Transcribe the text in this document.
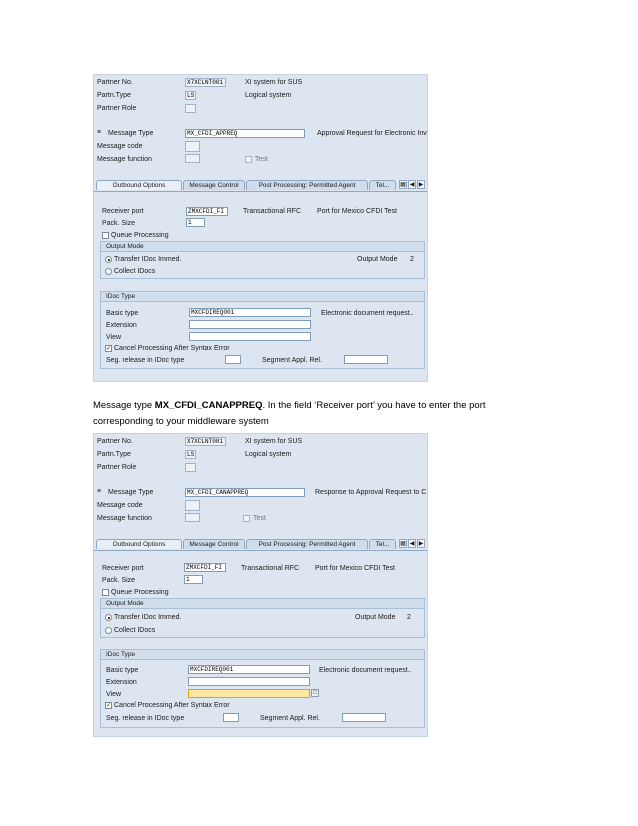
Partner No.	X7XCLNT001	XI system for SUS
Partn.Type	LS	Logical system
Partner Role
≡ Message Type	MX_CFDI_APPREQ	Approval Request for Electronic Inv
Message code
Message function	Test
Outbound Options	Message Control	Post Processing: Permitted Agent	Tel...	▦ ◀ ▶
Receiver port	ZMXCFDI_FI	Transactional RFC Port for Mexico CFDI Test
Pack. Size	1
Queue Processing
Output Mode
Transfer IDoc Immed.	Output Mode 2
Collect IDocs
IDoc Type
Basic type	MXCFDIREQ001	Electronic document request..
Extension
View
✓ Cancel Processing After Syntax Error
Seg. release in IDoc type	Segment Appl. Rel.
Message type MX_CFDI_CANAPPREQ. In the field ‘Receiver port’ you have to enter the port corresponding to your middleware system
Partner No.	X7XCLNT001	XI system for SUS
Partn.Type	LS	Logical system
Partner Role
≡ Message Type	MX_CFDI_CANAPPREQ	Response to Approval Request to C
Message code
Message function	Test
Outbound Options	Message Control	Post Processing: Permitted Agent	Tel...	▦ ◀ ▶
Receiver port	ZMXCFDI_FI	Transactional RFC Port for Mexico CFDI Test
Pack. Size	1
Queue Processing
Output Mode
Transfer IDoc Immed.	Output Mode 2
Collect IDocs
IDoc Type
Basic type	MXCFDIREQ001	Electronic document request..
Extension
View	□
✓ Cancel Processing After Syntax Error
Seg. release in IDoc type	Segment Appl. Rel.
